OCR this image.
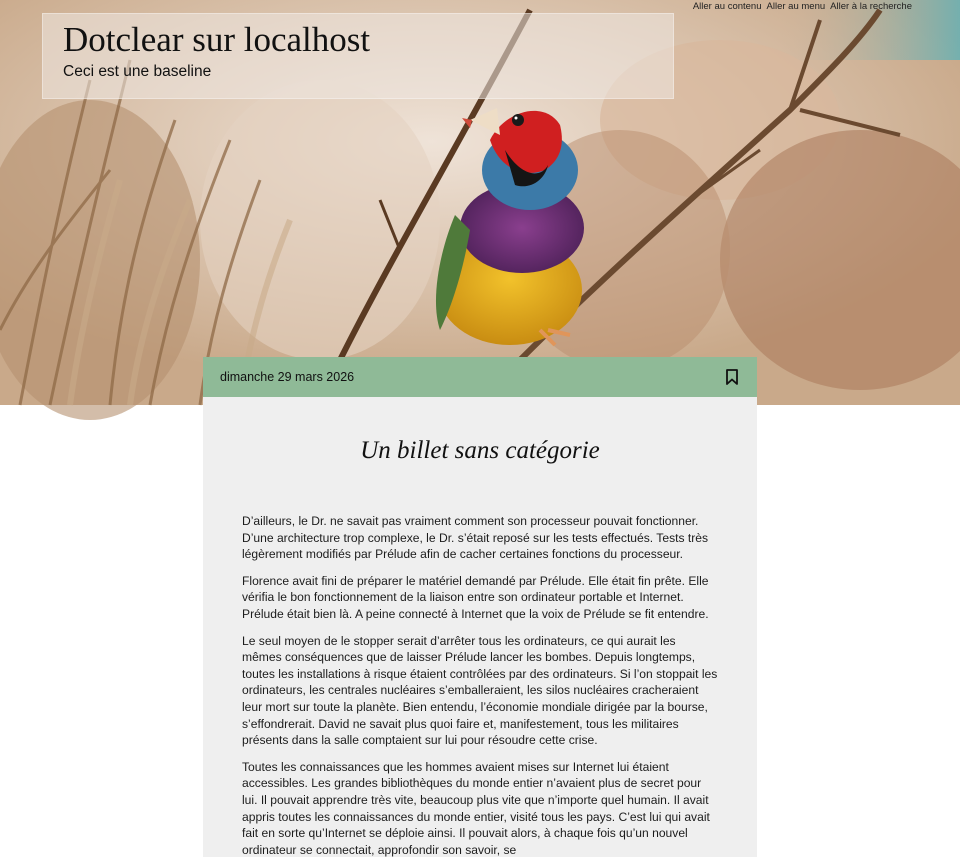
Aller au contenu Aller au menu Aller à la recherche
Dotclear sur localhost

Ceci est une baseline

dimanche 29 mars 2026
Un billet sans catégorie

D’ailleurs, le Dr. ne savait pas vraiment comment son processeur pouvait fonctionner. D’une architecture trop complexe, le Dr. s’était reposé sur les tests effectués. Tests très légèrement modifiés par Prélude afin de cacher certaines fonctions du processeur.

Florence avait fini de préparer le matériel demandé par Prélude. Elle était fin prête. Elle vérifia le bon fonctionnement de la liaison entre son ordinateur portable et Internet. Prélude était bien là. A peine connecté à Internet que la voix de Prélude se fit entendre.

Le seul moyen de le stopper serait d’arrêter tous les ordinateurs, ce qui aurait les mêmes conséquences que de laisser Prélude lancer les bombes. Depuis longtemps, toutes les installations à risque étaient contrôlées par des ordinateurs. Si l’on stoppait les ordinateurs, les centrales nucléaires s’emballeraient, les silos nucléaires cracheraient leur mort sur toute la planète. Bien entendu, l’économie mondiale dirigée par la bourse, s’effondrerait. David ne savait plus quoi faire et, manifestement, tous les militaires présents dans la salle comptaient sur lui pour résoudre cette crise.

Toutes les connaissances que les hommes avaient mises sur Internet lui étaient accessibles. Les grandes bibliothèques du monde entier n’avaient plus de secret pour lui. Il pouvait apprendre très vite, beaucoup plus vite que n’importe quel humain. Il avait appris toutes les connaissances du monde entier, visité tous les pays. C’est lui qui avait fait en sorte qu’Internet se déploie ainsi. Il pouvait alors, à chaque fois qu’un nouvel ordinateur se connectait, approfondir son savoir, se
